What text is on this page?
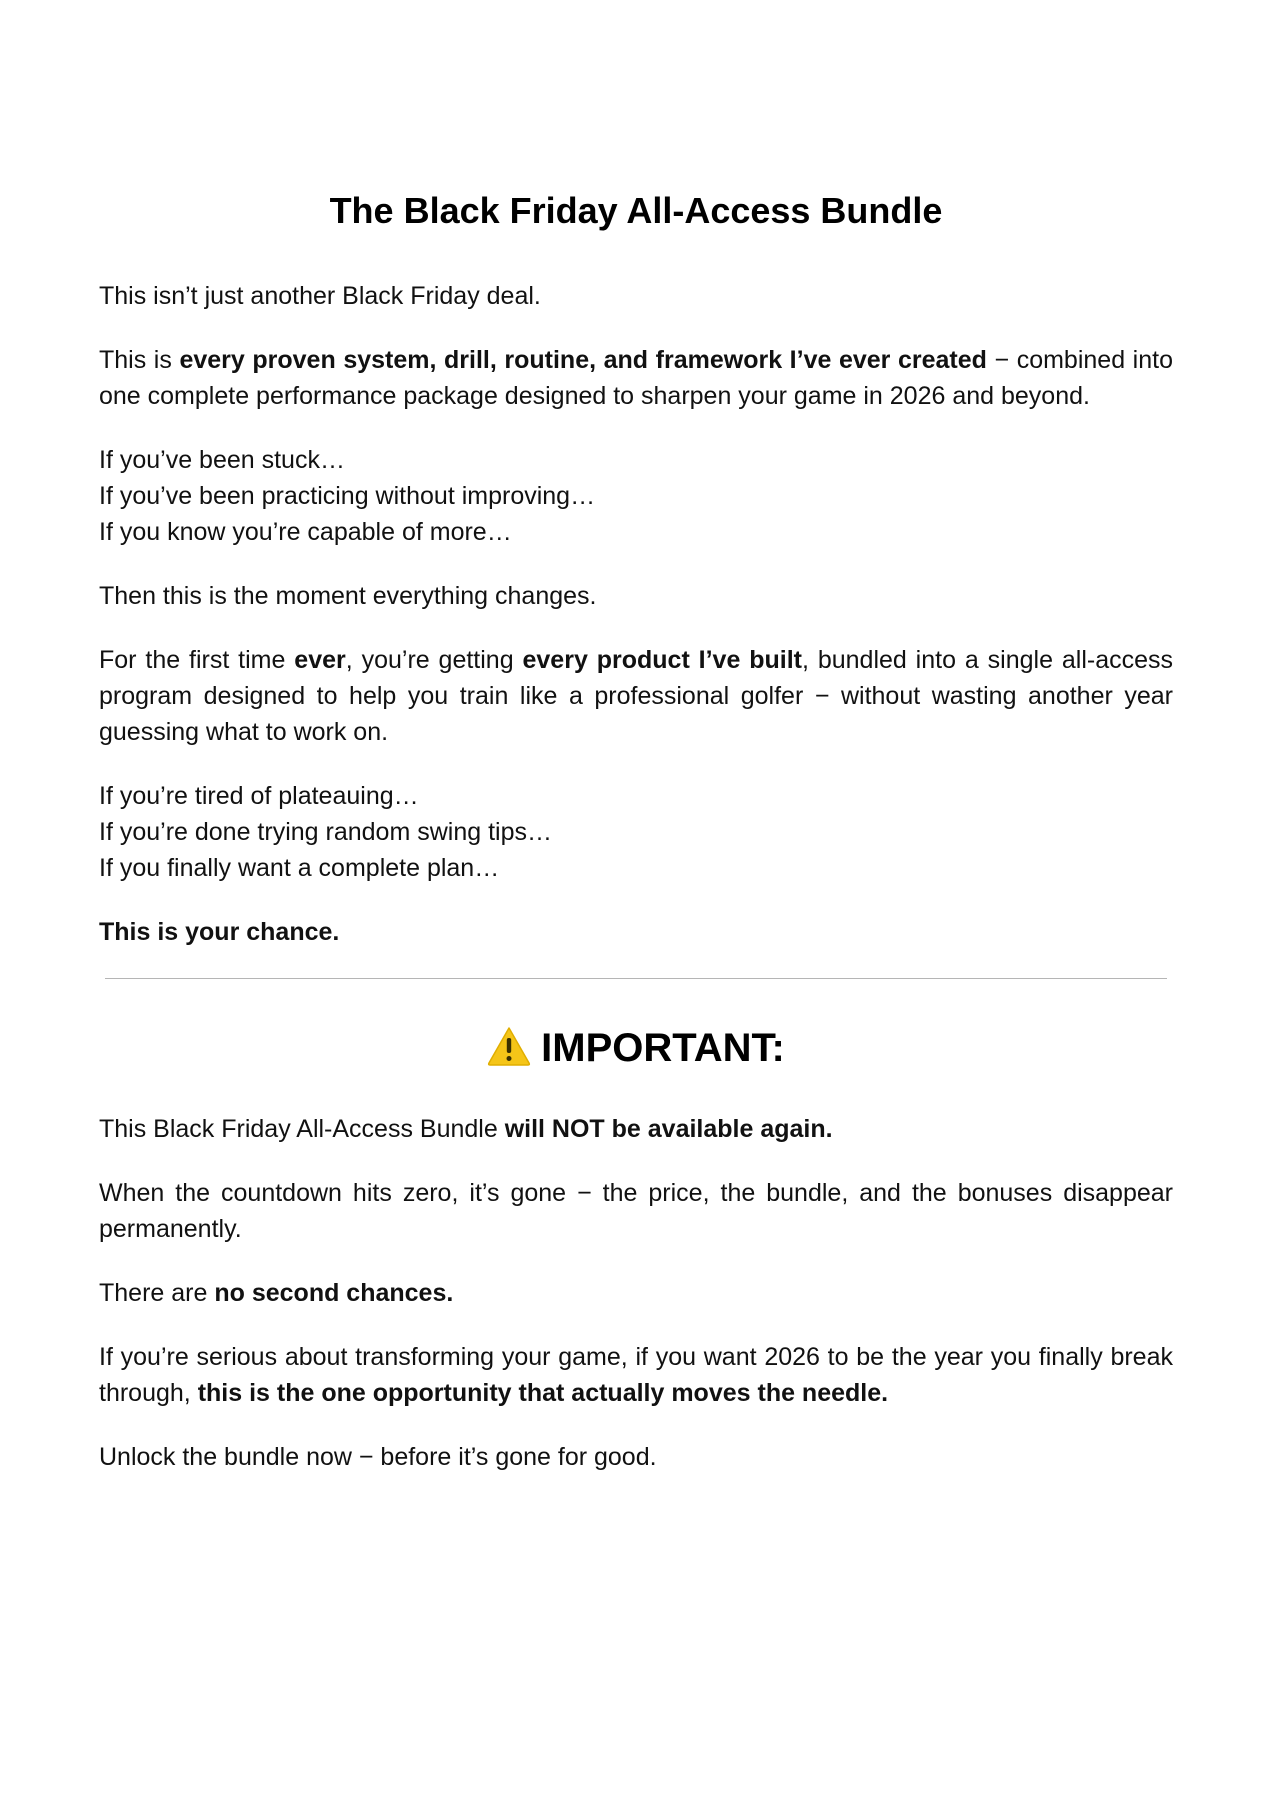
The Black Friday All-Access Bundle

This isn’t just another Black Friday deal.

This is every proven system, drill, routine, and framework I’ve ever created − combined into one complete performance package designed to sharpen your game in 2026 and beyond.

If you’ve been stuck…
If you’ve been practicing without improving…
If you know you’re capable of more…

Then this is the moment everything changes.

For the first time ever, you’re getting every product I’ve built, bundled into a single all-access program designed to help you train like a professional golfer − without wasting another year guessing what to work on.

If you’re tired of plateauing…
If you’re done trying random swing tips…
If you finally want a complete plan…

This is your chance.

IMPORTANT:

This Black Friday All-Access Bundle will NOT be available again.

When the countdown hits zero, it’s gone − the price, the bundle, and the bonuses disappear permanently.

There are no second chances.

If you’re serious about transforming your game, if you want 2026 to be the year you finally break through, this is the one opportunity that actually moves the needle.

Unlock the bundle now − before it’s gone for good.
